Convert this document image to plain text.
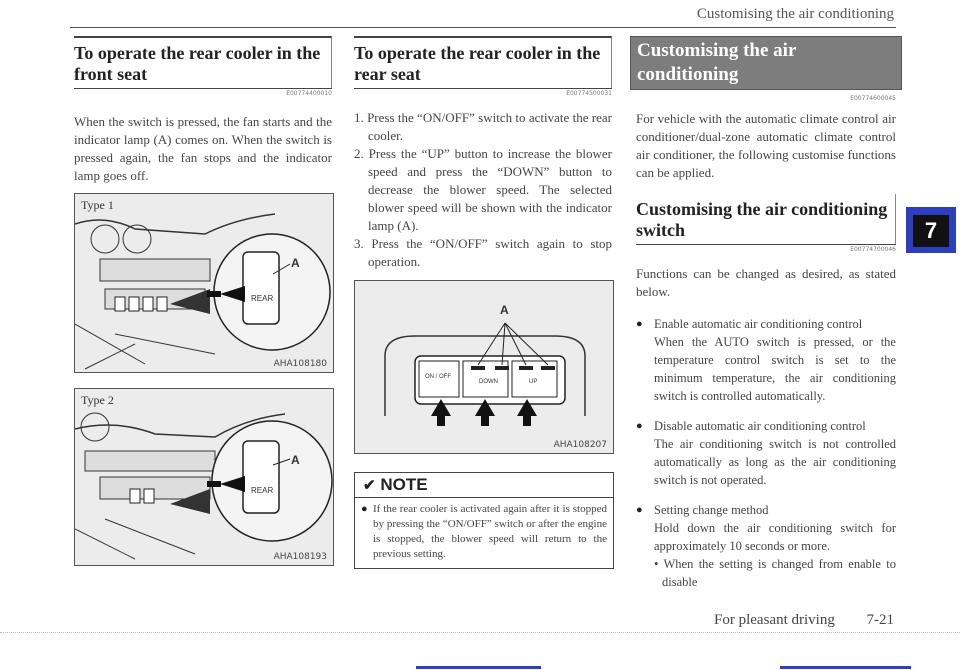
Customising the air conditioning
To operate the rear cooler in the front seat
E00774400010

When the switch is pressed, the fan starts and the indicator lamp (A) comes on. When the switch is pressed again, the fan stops and the indicator lamp goes off.

Type 1
A
REAR
AHA108180
Type 2
A
REAR
AHA108193
To operate the rear cooler in the rear seat
E00774500031
1. Press the “ON/OFF” switch to activate the rear cooler.
2. Press the “UP” button to increase the blower speed and press the “DOWN” button to decrease the blower speed. The selected blower speed will be shown with the indicator lamp (A).
3. Press the “ON/OFF” switch again to stop operation.
A
ON / OFF
DOWN	UP
AHA108207
✔ NOTE
● If the rear cooler is activated again after it is stopped by pressing the “ON/OFF” switch or after the engine is stopped, the blower speed will return to the previous setting.
Customising the air conditioning
E00774600045

For vehicle with the automatic climate control air conditioner/dual-zone automatic climate control air conditioner, the following customise functions can be applied.

Customising the air conditioning switch
E00774700046

Functions can be changed as desired, as stated below.

● Enable automatic air conditioning control
When the AUTO switch is pressed, or the temperature control switch is set to the minimum temperature, the air conditioning switch is controlled automatically.
● Disable automatic air conditioning control
The air conditioning switch is not controlled automatically as long as the air conditioning switch is not operated.
● Setting change method
Hold down the air conditioning switch for approximately 10 seconds or more.
• When the setting is changed from enable to disable
7
For pleasant driving 7-21
